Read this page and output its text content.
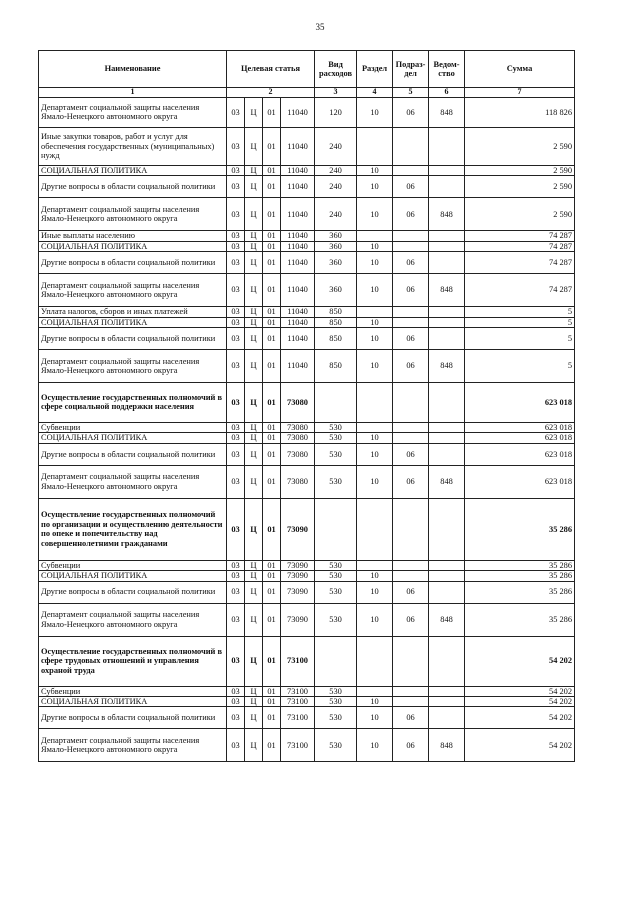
35
Наименование	Целевая статья				Вид расходов	Раздел	Подраз-дел	Ведом-ство	Сумма
1	2				3	4	5	6	7
Департамент социальной защиты населения Ямало-Ненецкого автономного округа	03	Ц	01	11040	120	10	06	848	118 826
Иные закупки товаров, работ и услуг для обеспечения государственных (муниципальных) нужд	03	Ц	01	11040	240				2 590
СОЦИАЛЬНАЯ ПОЛИТИКА	03	Ц	01	11040	240	10			2 590
Другие вопросы в области социальной политики	03	Ц	01	11040	240	10	06		2 590
Департамент социальной защиты населения Ямало-Ненецкого автономного округа	03	Ц	01	11040	240	10	06	848	2 590
Иные выплаты населению	03	Ц	01	11040	360				74 287
СОЦИАЛЬНАЯ ПОЛИТИКА	03	Ц	01	11040	360	10			74 287
Другие вопросы в области социальной политики	03	Ц	01	11040	360	10	06		74 287
Департамент социальной защиты населения Ямало-Ненецкого автономного округа	03	Ц	01	11040	360	10	06	848	74 287
Уплата налогов, сборов и иных платежей	03	Ц	01	11040	850				5
СОЦИАЛЬНАЯ ПОЛИТИКА	03	Ц	01	11040	850	10			5
Другие вопросы в области социальной политики	03	Ц	01	11040	850	10	06		5
Департамент социальной защиты населения Ямало-Ненецкого автономного округа	03	Ц	01	11040	850	10	06	848	5
Осуществление государственных полномочий в сфере социальной поддержки населения	03	Ц	01	73080					623 018
Субвенции	03	Ц	01	73080	530				623 018
СОЦИАЛЬНАЯ ПОЛИТИКА	03	Ц	01	73080	530	10			623 018
Другие вопросы в области социальной политики	03	Ц	01	73080	530	10	06		623 018
Департамент социальной защиты населения Ямало-Ненецкого автономного округа	03	Ц	01	73080	530	10	06	848	623 018
Осуществление государственных полномочий по организации и осуществлению деятельности по опеке и попечительству над совершеннолетними гражданами	03	Ц	01	73090					35 286
Субвенции	03	Ц	01	73090	530				35 286
СОЦИАЛЬНАЯ ПОЛИТИКА	03	Ц	01	73090	530	10			35 286
Другие вопросы в области социальной политики	03	Ц	01	73090	530	10	06		35 286
Департамент социальной защиты населения Ямало-Ненецкого автономного округа	03	Ц	01	73090	530	10	06	848	35 286
Осуществление государственных полномочий в сфере трудовых отношений и управления охраной труда	03	Ц	01	73100					54 202
Субвенции	03	Ц	01	73100	530				54 202
СОЦИАЛЬНАЯ ПОЛИТИКА	03	Ц	01	73100	530	10			54 202
Другие вопросы в области социальной политики	03	Ц	01	73100	530	10	06		54 202
Департамент социальной защиты населения Ямало-Ненецкого автономного округа	03	Ц	01	73100	530	10	06	848	54 202
